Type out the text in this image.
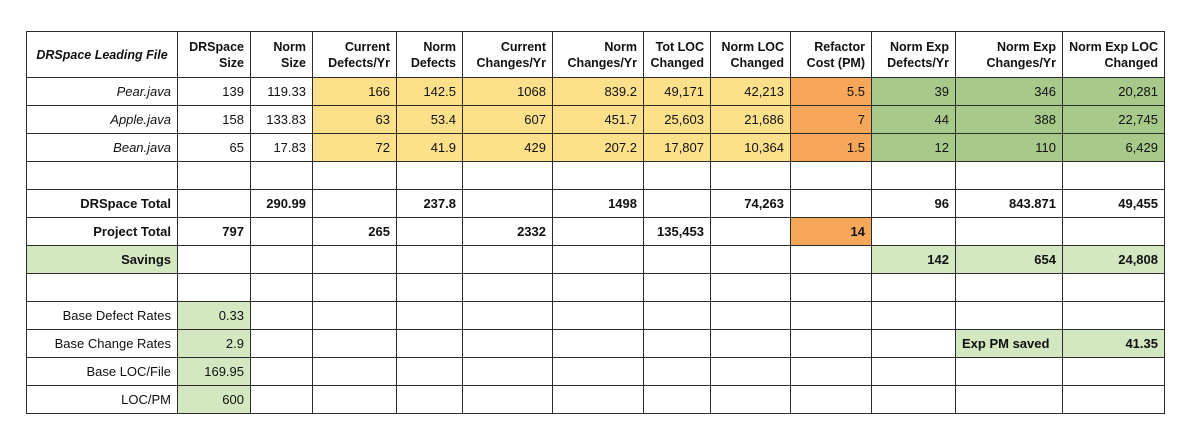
DRSpace Leading File	DRSpace Size	Norm Size	Current Defects/Yr	Norm Defects	Current Changes/Yr	Norm Changes/Yr	Tot LOC Changed	Norm LOC Changed	Refactor Cost (PM)	Norm Exp Defects/Yr	Norm Exp Changes/Yr	Norm Exp LOC Changed
Pear.java	139	119.33	166	142.5	1068	839.2	49,171	42,213	5.5	39	346	20,281
Apple.java	158	133.83	63	53.4	607	451.7	25,603	21,686	7	44	388	22,745
Bean.java	65	17.83	72	41.9	429	207.2	17,807	10,364	1.5	12	110	6,429

DRSpace Total		290.99		237.8		1498		74,263		96	843.871	49,455
Project Total	797		265		2332		135,453		14			
Savings										142	654	24,808

Base Defect Rates	0.33											
Base Change Rates	2.9										Exp PM saved	41.35
Base LOC/File	169.95											
LOC/PM	600											
